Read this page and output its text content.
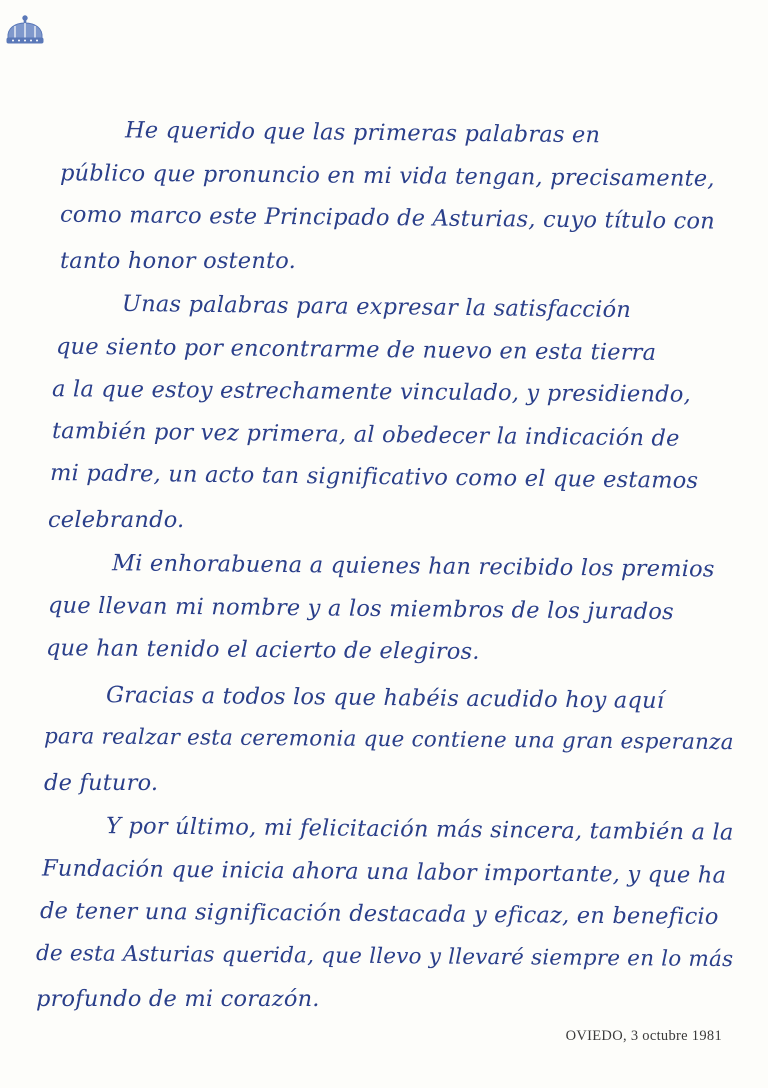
He querido que las primeras palabras en
público que pronuncio en mi vida tengan, precisamente,
como marco este Principado de Asturias, cuyo título con
tanto honor ostento.
Unas palabras para expresar la satisfacción
que siento por encontrarme de nuevo en esta tierra
a la que estoy estrechamente vinculado, y presidiendo,
también por vez primera, al obedecer la indicación de
mi padre, un acto tan significativo como el que estamos
celebrando.
Mi enhorabuena a quienes han recibido los premios
que llevan mi nombre y a los miembros de los jurados
que han tenido el acierto de elegiros.
Gracias a todos los que habéis acudido hoy aquí
para realzar esta ceremonia que contiene una gran esperanza
de futuro.
Y por último, mi felicitación más sincera, también a la
Fundación que inicia ahora una labor importante, y que ha
de tener una significación destacada y eficaz, en beneficio
de esta Asturias querida, que llevo y llevaré siempre en lo más
profundo de mi corazón.
OVIEDO, 3 octubre 1981
